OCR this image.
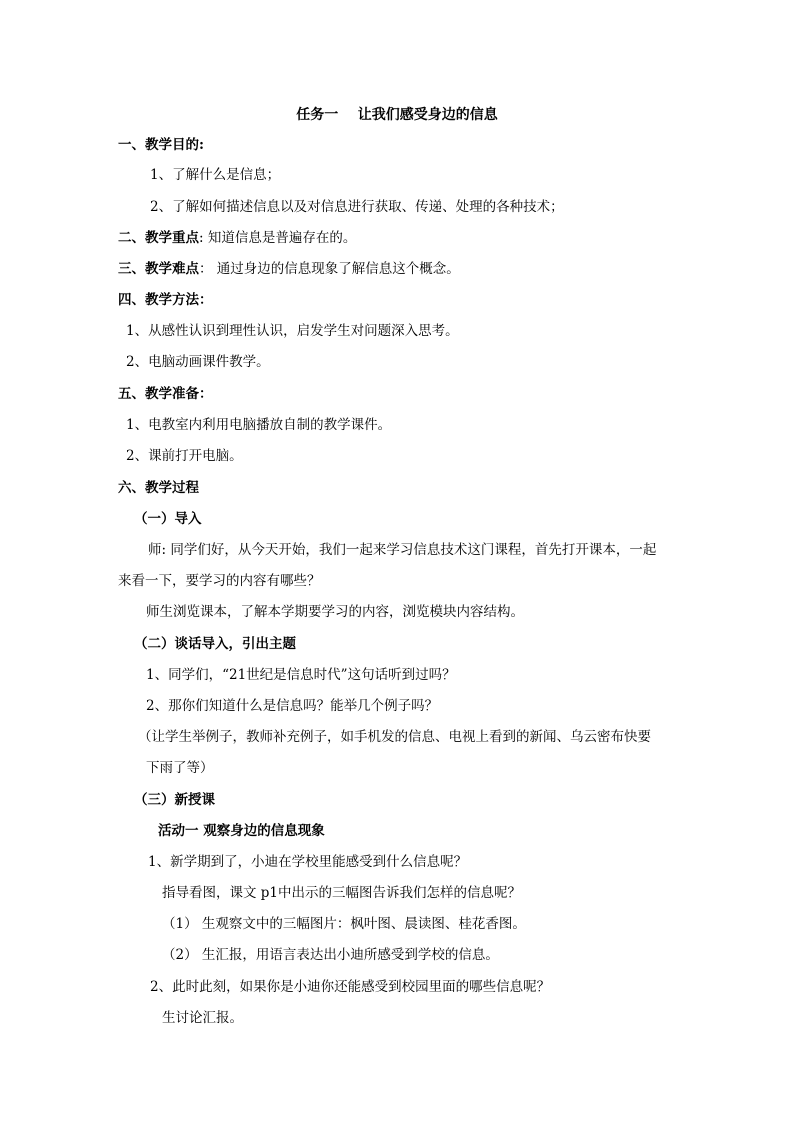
任务一    让我们感受身边的信息
一、教学目的:
1、了解什么是信息；
2、了解如何描述信息以及对信息进行获取、传递、处理的各种技术；
二、教学重点: 知道信息是普遍存在的。
三、教学难点： 通过身边的信息现象了解信息这个概念。
四、教学方法：
1、从感性认识到理性认识，启发学生对问题深入思考。
2、电脑动画课件教学。
五、教学准备：
1、电教室内利用电脑播放自制的教学课件。
2、课前打开电脑。
六、教学过程
（一）导入
师: 同学们好，从今天开始，我们一起来学习信息技术这门课程，首先打开课本，一起
来看一下，要学习的内容有哪些？
师生浏览课本，了解本学期要学习的内容，浏览模块内容结构。
（二）谈话导入，引出主题
1、同学们，“21世纪是信息时代”这句话听到过吗？
2、那你们知道什么是信息吗？能举几个例子吗？
（让学生举例子，教师补充例子，如手机发的信息、电视上看到的新闻、乌云密布快要
下雨了等）
（三）新授课
活动一 观察身边的信息现象
1、新学期到了，小迪在学校里能感受到什么信息呢？
指导看图，课文 p1中出示的三幅图告诉我们怎样的信息呢？
（1） 生观察文中的三幅图片：枫叶图、晨读图、桂花香图。
（2） 生汇报，用语言表达出小迪所感受到学校的信息。
2、此时此刻，如果你是小迪你还能感受到校园里面的哪些信息呢？
生讨论汇报。
